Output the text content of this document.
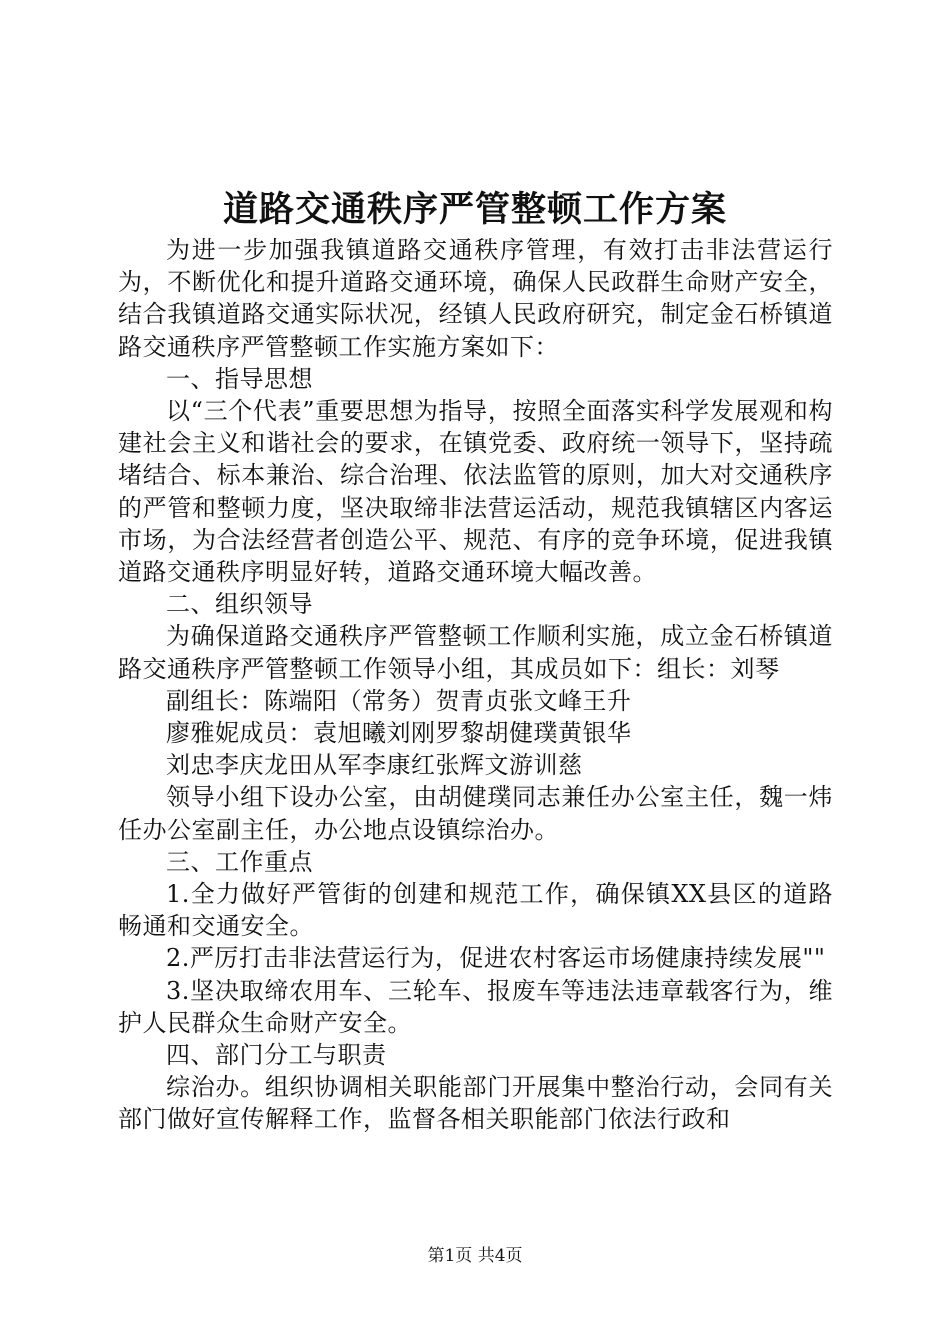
道路交通秩序严管整顿工作方案

为进一步加强我镇道路交通秩序管理，有效打击非法营运行为，不断优化和提升道路交通环境，确保人民政群生命财产安全，结合我镇道路交通实际状况，经镇人民政府研究，制定金石桥镇道路交通秩序严管整顿工作实施方案如下：

一、指导思想

以“三个代表”重要思想为指导，按照全面落实科学发展观和构建社会主义和谐社会的要求，在镇党委、政府统一领导下，坚持疏堵结合、标本兼治、综合治理、依法监管的原则，加大对交通秩序的严管和整顿力度，坚决取缔非法营运活动，规范我镇辖区内客运市场，为合法经营者创造公平、规范、有序的竞争环境，促进我镇道路交通秩序明显好转，道路交通环境大幅改善。

二、组织领导

为确保道路交通秩序严管整顿工作顺利实施，成立金石桥镇道路交通秩序严管整顿工作领导小组，其成员如下：组长：刘琴

副组长：陈端阳（常务）贺青贞张文峰王升

廖雅妮成员：袁旭曦刘刚罗黎胡健璞黄银华

刘忠李庆龙田从军李康红张辉文游训慈

领导小组下设办公室，由胡健璞同志兼任办公室主任，魏一炜任办公室副主任，办公地点设镇综治办。

三、工作重点

1.全力做好严管街的创建和规范工作，确保镇XX县区的道路畅通和交通安全。

2.严厉打击非法营运行为，促进农村客运市场健康持续发展""

3.坚决取缔农用车、三轮车、报废车等违法违章载客行为，维护人民群众生命财产安全。

四、部门分工与职责

综治办。组织协调相关职能部门开展集中整治行动，会同有关部门做好宣传解释工作，监督各相关职能部门依法行政和

第1页 共4页
